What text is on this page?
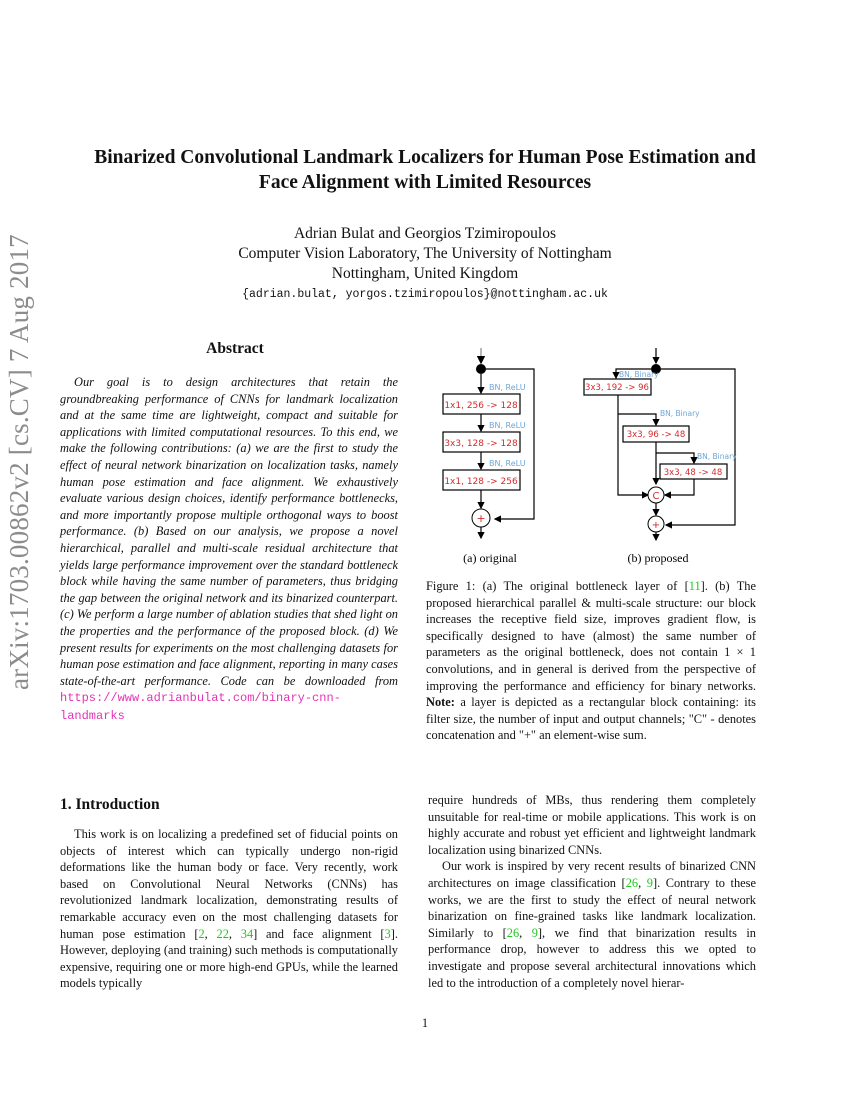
Binarized Convolutional Landmark Localizers for Human Pose Estimation and
Face Alignment with Limited Resources
Adrian Bulat and Georgios Tzimiropoulos
Computer Vision Laboratory, The University of Nottingham
Nottingham, United Kingdom
{adrian.bulat, yorgos.tzimiropoulos}@nottingham.ac.uk
arXiv:1703.00862v2 [cs.CV] 7 Aug 2017	Abstract
Our goal is to design architectures that retain the groundbreaking performance of CNNs for landmark localization and at the same time are lightweight, compact and suitable for applications with limited computational resources. To this end, we make the following contributions: (a) we are the first to study the effect of neural network binarization on localization tasks, namely human pose estimation and face alignment. We exhaustively evaluate various design choices, identify performance bottlenecks, and more importantly propose multiple orthogonal ways to boost performance. (b) Based on our analysis, we propose a novel hierarchical, parallel and multi-scale residual architecture that yields large performance improvement over the standard bottleneck block while having the same number of parameters, thus bridging the gap between the original network and its binarized counterpart. (c) We perform a large number of ablation studies that shed light on the properties and the performance of the proposed block. (d) We present results for experiments on the most challenging datasets for human pose estimation and face alignment, reporting in many cases state-of-the-art performance. Code can be downloaded from https://www.adrianbulat.com/binary-cnn-landmarks
BN, ReLU
1x1, 256 -> 128
BN, ReLU
3x3, 128 -> 128
BN, ReLU
1x1, 128 -> 256
+
BN, Binary
3x3, 192 -> 96
BN, Binary
3x3, 96 -> 48
BN, Binary
3x3, 48 -> 48
C
+
(a) original	(b) proposed
Figure 1: (a) The original bottleneck layer of [11]. (b) The proposed hierarchical parallel & multi-scale structure: our block increases the receptive field size, improves gradient flow, is specifically designed to have (almost) the same number of parameters as the original bottleneck, does not contain 1 × 1 convolutions, and in general is derived from the perspective of improving the performance and efficiency for binary networks. Note: a layer is depicted as a rectangular block containing: its filter size, the number of input and output channels; "C" - denotes concatenation and "+" an element-wise sum.
1. Introduction
This work is on localizing a predefined set of fiducial points on objects of interest which can typically undergo non-rigid deformations like the human body or face. Very recently, work based on Convolutional Neural Networks (CNNs) has revolutionized landmark localization, demonstrating results of remarkable accuracy even on the most challenging datasets for human pose estimation [2, 22, 34] and face alignment [3]. However, deploying (and training) such methods is computationally expensive, requiring one or more high-end GPUs, while the learned models typically
require hundreds of MBs, thus rendering them completely unsuitable for real-time or mobile applications. This work is on highly accurate and robust yet efficient and lightweight landmark localization using binarized CNNs.
Our work is inspired by very recent results of binarized CNN architectures on image classification [26, 9]. Contrary to these works, we are the first to study the effect of neural network binarization on fine-grained tasks like landmark localization. Similarly to [26, 9], we find that binarization results in performance drop, however to address this we opted to investigate and propose several architectural innovations which led to the introduction of a completely novel hierar-
1
